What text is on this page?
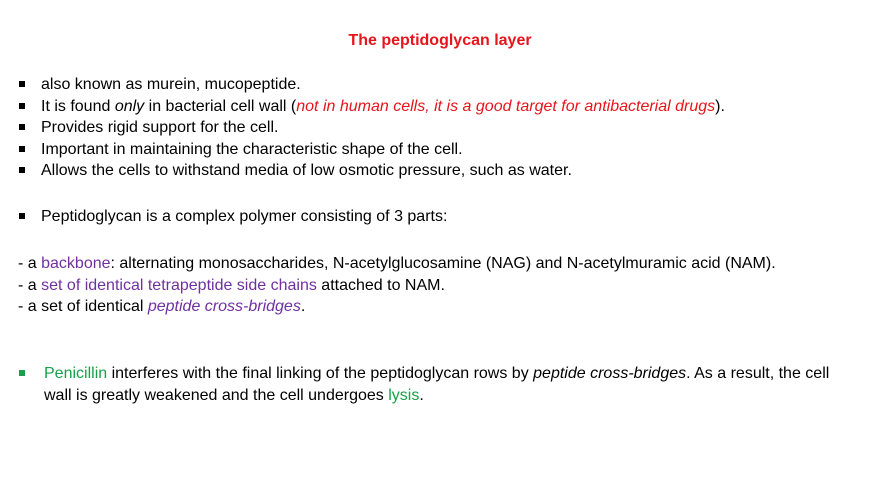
The peptidoglycan layer
also known as murein, mucopeptide.
It is found only in bacterial cell wall (not in human cells, it is a good target for antibacterial drugs).
Provides rigid support for the cell.
Important in maintaining the characteristic shape of the cell.
Allows the cells to withstand media of low osmotic pressure, such as water.
Peptidoglycan is a complex polymer consisting of 3 parts:
- a backbone: alternating monosaccharides, N-acetylglucosamine (NAG) and N-acetylmuramic acid (NAM).
- a set of identical tetrapeptide side chains attached to NAM.
- a set of identical peptide cross-bridges.
Penicillin interferes with the final linking of the peptidoglycan rows by peptide cross-bridges. As a result, the cell wall is greatly weakened and the cell undergoes lysis.
